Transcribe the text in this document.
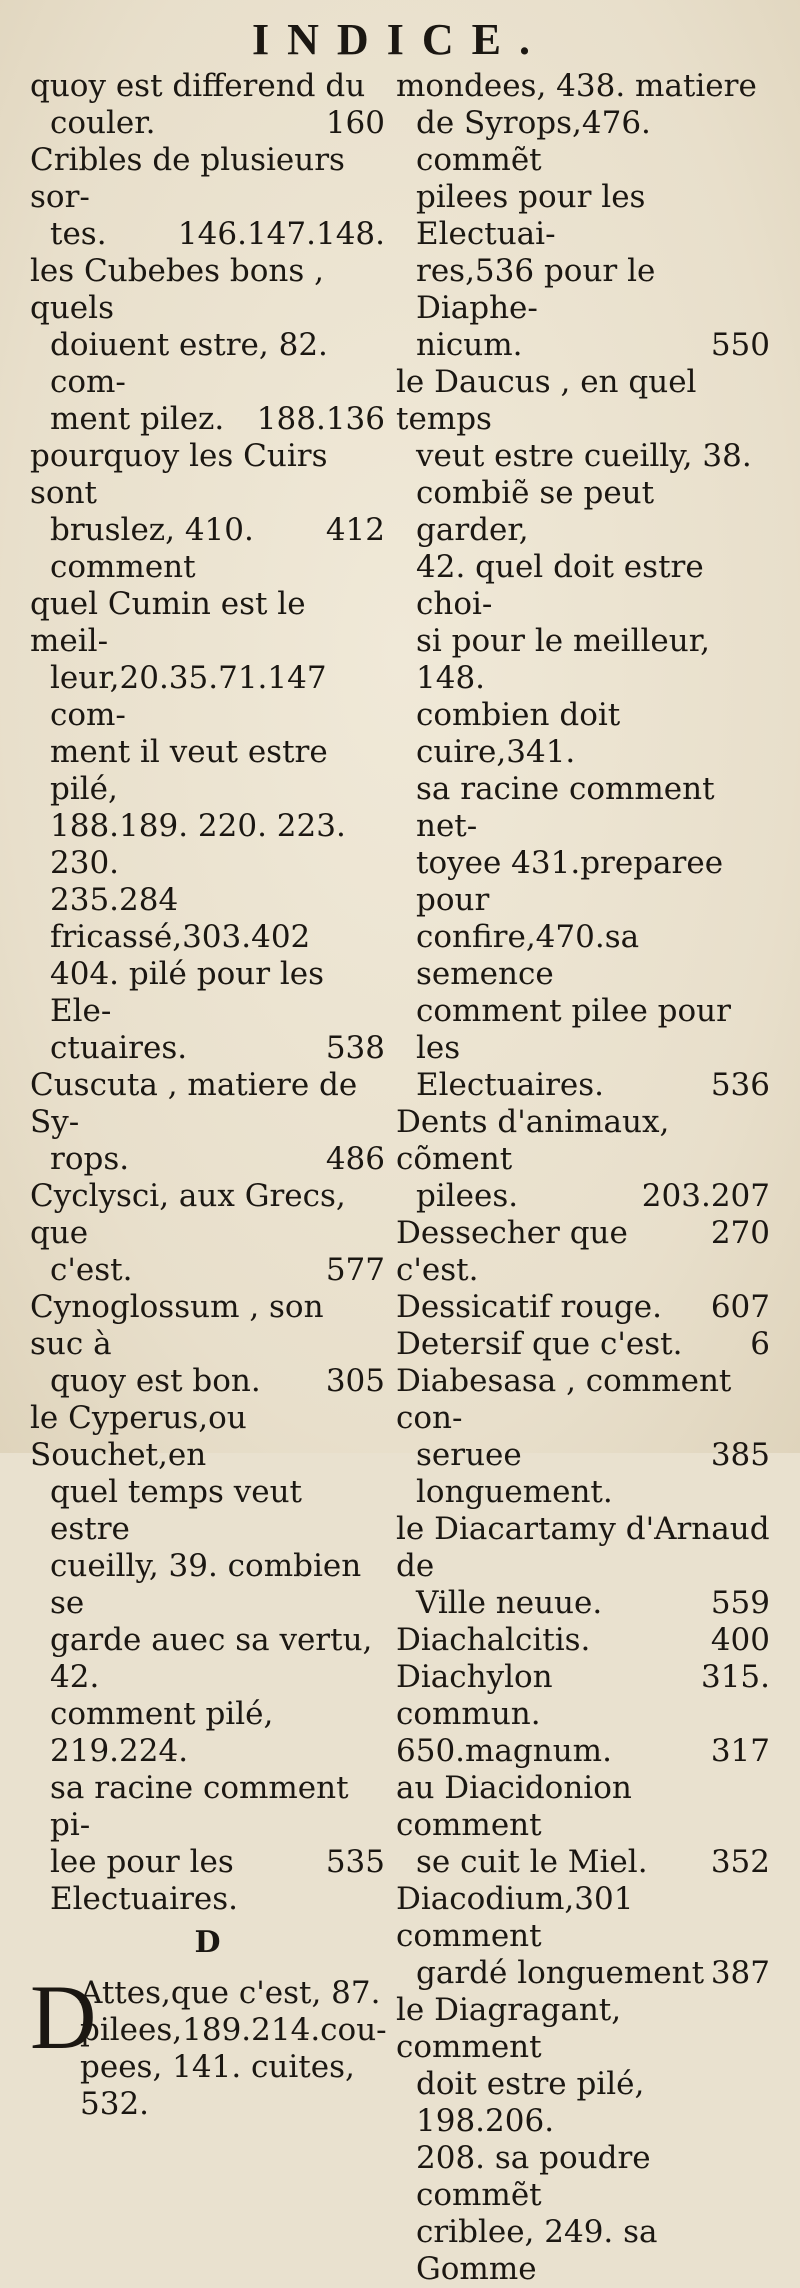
INDICE.
quoy est differend du
160
couler.
Cribles de plusieurs sor-
146.147.148.
tes.
les Cubebes bons , quels
doiuent estre, 82. com-
188.136
ment pilez.
pourquoy les Cuirs sont
412
bruslez, 410. comment
quel Cumin est le meil-
leur,20.35.71.147 com-
ment il veut estre pilé,
188.189. 220. 223. 230.
235.284 fricassé,303.402
404. pilé pour les Ele-
538
ctuaires.
Cuscuta , matiere de Sy-
486
rops.
Cyclysci, aux Grecs, que
577
c'est.
Cynoglossum , son suc à
305
quoy est bon.
le Cyperus,ou Souchet,en
quel temps veut estre
cueilly, 39. combien se
garde auec sa vertu, 42.
comment pilé, 219.224.
sa racine comment pi-
535
lee pour les Electuaires.
D
D
Attes,que c'est, 87.
pilees,189.214.cou-
pees, 141. cuites, 532.
mondees, 438. matiere
de Syrops,476. commẽt
pilees pour les Electuai-
res,536 pour le Diaphe-
550
nicum.
le Daucus , en quel temps
veut estre cueilly, 38.
combiẽ se peut garder,
42. quel doit estre choi-
si pour le meilleur, 148.
combien doit cuire,341.
sa racine comment net-
toyee 431.preparee pour
confire,470.sa semence
comment pilee pour les
536
Electuaires.
Dents d'animaux, cõment
203.207
pilees.
270
Dessecher que c'est.
607
Dessicatif rouge.
6
Detersif que c'est.
Diabesasa , comment con-
385
seruee longuement.
le Diacartamy d'Arnaud de
559
Ville neuue.
400
Diachalcitis.
315.
Diachylon commun.
317
650.magnum.
au Diacidonion comment
352
se cuit le Miel.
Diacodium,301 comment
387
gardé longuement
le Diagragant, comment
doit estre pilé, 198.206.
208. sa poudre commẽt
criblee, 249. sa Gomme
